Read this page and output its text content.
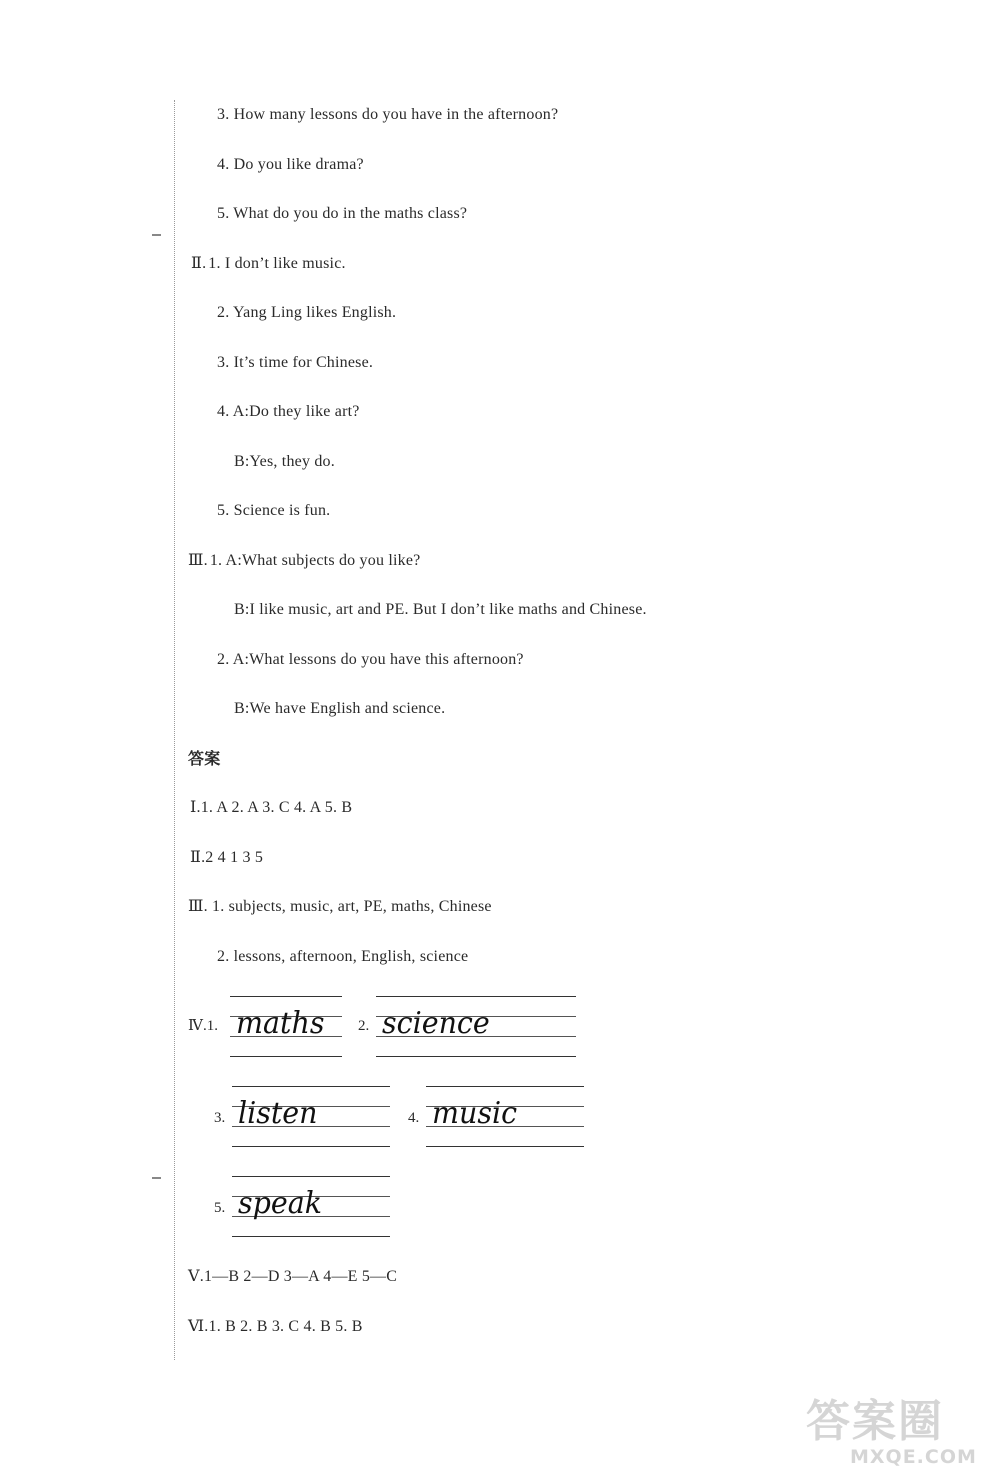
3. How many lessons do you have in the afternoon?
4. Do you like drama?
5. What do you do in the maths class?
Ⅱ. 1. I don’t like music.
2. Yang Ling likes English.
3. It’s time for Chinese.
4. A:Do they like art?
B:Yes, they do.
5. Science is fun.
Ⅲ. 1. A:What subjects do you like?
B:I like music, art and PE. But I don’t like maths and Chinese.
2. A:What lessons do you have this afternoon?
B:We have English and science.
答案
Ⅰ.1. A 2. A 3. C 4. A 5. B
Ⅱ.2 4 1 3 5
Ⅲ. 1. subjects, music, art, PE, maths, Chinese
2. lessons, afternoon, English, science
Ⅳ.1. maths 2. science
3. listen	4. music
5. speak
Ⅴ.1—B 2—D 3—A 4—E 5—C
Ⅵ.1. B 2. B 3. C 4. B 5. B
答案圈
MXQE.COM
